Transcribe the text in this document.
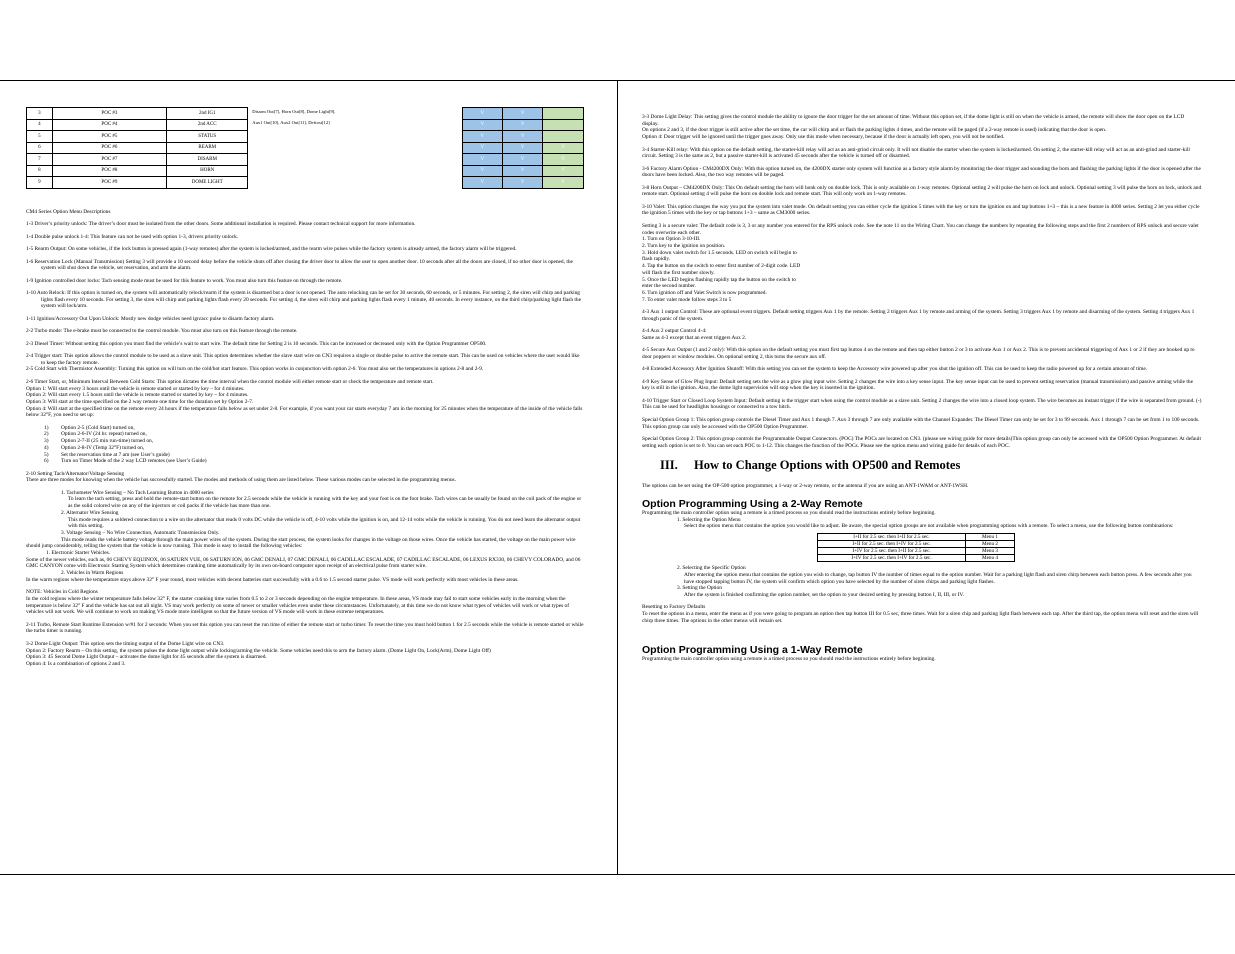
3	POC #3	2nd IG1	Disarm Out[7], Horn Out[8], Dome Light[9],	V	V	
4	POC #4	2nd ACC	Aux1 Out[10], Aux2 Out[11], Defrost[12]	V	V	
5	POC #5	STATUS		V	V	
6	POC #6	REARM		V	V	V
7	POC #7	DISARM		V	V	V
8	POC #8	HORN		V	V	V
9	POC #9	DOME LIGHT		V	V	V

CM4 Series Option Menu Descriptions

1-3 Driver’s priority unlock: The driver’s door must be isolated from the other doors. Some additional installation is required. Please contact technical support for more information.

1-4 Double pulse unlock 1-4: This feature can not be used with option 1-3, drivers priority unlock.

1-5 Rearm Output: On some vehicles, if the lock button is pressed again (1-way remotes) after the system is locked/armed, and the rearm wire pulses while the factory system is already armed, the factory alarm will be triggered.

1-6 Reservation Lock (Manual Transmission) Setting 3 will provide a 10 second delay before the vehicle shuts off after closing the driver door to allow the user to open another door. 10 seconds after all the doors are closed, if no other door is opened, the system will shut down the vehicle, set reservation, and arm the alarm.

1-9 Ignition controlled door locks: Tach sensing mode must be used for this feature to work. You must also turn this feature on through the remote.

1-10 Auto Relock: If this option is turned on, the system will automatically relock/rearm if the system is disarmed but a door is not opened. The auto relocking can be set for 30 seconds, 60 seconds, or 5 minutes. For setting 2, the siren will chirp and parking lights flash every 10 seconds. For setting 3, the siren will chirp and parking lights flash every 20 seconds. For setting 4, the siren will chirp and parking lights flash every 1 minute, 40 seconds. In every instance, on the third chirp/parking light flash the system will lock/arm.

1-11 Ignition/Accessory Out Upon Unlock: Mostly new dodge vehicles need ign/acc pulse to disarm factory alarm.

2-2 Turbo mode: The e-brake must be connected to the control module. You must also turn on this feature through the remote.

2-3 Diesel Timer: Without setting this option you must find the vehicle’s wait to start wire. The default time for Setting 2 is 10 seconds. This can be increased or decreased only with the Option Programmer OP500.

2-4 Trigger start: This option allows the control module to be used as a slave unit. This option determines whether the slave start wire on CN3 requires a single or double pulse to active the remote start. This can be used on vehicles where the user would like to keep the factory remote.

2-5 Cold Start with Thermistor Assembly: Turning this option on will turn on the cold/hot start feature. This option works in conjunction with option 2-6. You must also set the temperatures in options 2-8 and 2-9.

2-6 Timer Start, or, Minimum Interval Between Cold Starts: This option dictates the time interval when the control module will either remote start or check the temperature and remote start.

Option 1: Will start every 3 hours until the vehicle is remote started or started by key – for 4 minutes.

Option 2: Will start every 1.5 hours until the vehicle is remote started or started by key – for 4 minutes.

Option 3: Will start at the time specified on the 2 way remote one time for the duration set by Option 2-7.

Option 4: Will start at the specified time on the remote every 24 hours if the temperature falls below as set under 2-8. For example, if you want your car starts everyday 7 am in the morning for 25 minutes when the temperature of the inside of the vehicle falls below 32°F, you need to set up:

1)	Option 2-5 (Cold Start) turned on,
2)	Option 2-6-IV (24 hr. repeat) turned on,
3)	Option 2-7-II (25 min run-time) turned on,
4)	Option 2-8-IV (Temp 32°F) turned on,
5)	Set the reservation time at 7 am (see User’s guide)
6)	Turn on Timer Mode of the 2 way LCD remotes (see User’s Guide)

2-10 Setting Tach/Alternator/Voltage Sensing

There are three modes for knowing when the vehicle has successfully started. The modes and methods of using them are listed below. These various modes can be selected in the programming menus.

1. Tachometer Wire Sensing – No Tach Learning Button in 4000 series

To learn the tach setting, press and hold the remote-start button on the remote for 2.5 seconds while the vehicle is running with the key and your foot is on the foot brake. Tach wires can be usually be found on the coil pack of the engine or as the solid colored wire on any of the injectors or coil packs if the vehicle has more than one.

2. Alternator Wire Sensing

This mode requires a soldered connection to a wire on the alternator that reads 0 volts DC while the vehicle is off, 4-10 volts while the ignition is on, and 12-14 volts while the vehicle is running. You do not need learn the alternator output with this setting.

3. Voltage Sensing – No Wire Connection, Automatic Transmission Only.

This mode reads the vehicle battery voltage through the main power wires of the system. During the start process, the system looks for changes in the voltage on those wires. Once the vehicle has started, the voltage on the main power wire should jump considerably, telling the system that the vehicle is now running. This mode is easy to install the following vehicles:

1. Electronic Starter Vehicles.

Some of the newer vehicles, such as, 06 CHEVY EQUINOX, 06 SATURN VUE, 06 SATURN ION, 06 GMC DENALI, 07 GMC DENALI, 06 CADILLAC ESCALADE, 07 CADILLAC ESCALADE, 06 LEXUS RX330, 06 CHEVY COLORADO, and 06 GMC CANYON come with Electronic Starting System which determines cranking time automatically by its own on-board computer upon receipt of an electrical pulse from starter wire.

2. Vehicles in Warm Regions

In the warm regions where the temperature stays above 32° F year round, most vehicles with decent batteries start successfully with a 0.6 to 1.5 second starter pulse. VS mode will work perfectly with most vehicles in these areas.

NOTE: Vehicles in Cold Regions

In the cold regions where the winter temperature falls below 32° F, the starter cranking time varies from 0.5 to 2 or 3 seconds depending on the engine temperature. In these areas, VS mode may fail to start some vehicles early in the morning when the temperature is below 32° F and the vehicle has sat out all night. VS may work perfectly on some of newer or smaller vehicles even under these circumstances. Unfortunately, at this time we do not know what types of vehicles will work or what types of vehicles will not work. We will continue to work on making VS mode more intelligent so that the future version of VS mode will work in these extreme temperatures.

2-11 Turbo, Remote Start Runtime Extension w/#1 for 2 seconds: When you set this option you can reset the run time of either the remote start or turbo timer. To reset the time you must hold button 1 for 2.5 seconds while the vehicle is remote started or while the turbo timer is running.

3-2 Dome Light Output: This option sets the timing output of the Dome Light wire on CN3.

Option 2: Factory Rearm – On this setting, the system pulses the dome light output while locking/arming the vehicle. Some vehicles need this to arm the factory alarm. (Dome Light On, Lock(Arm), Dome Light Off)

Option 3: 45 Second Dome Light Output – activates the dome light for 45 seconds after the system is disarmed.

Option 4: Is a combination of options 2 and 3.

3-3 Dome Light Delay: This setting gives the control module the ability to ignore the door trigger for the set amount of time. Without this option set, if the dome light is still on when the vehicle is armed, the remote will show the door open on the LCD display.

On options 2 and 3, if the door trigger is still active after the set time, the car will chirp and or flash the parking lights 4 times, and the remote will be paged (if a 2-way remote is used) indicating that the door is open.

Option 4: Door trigger will be ignored until the trigger goes away. Only use this mode when necessary, because if the door is actually left open, you will not be notified.

3-4 Starter-Kill relay: With this option on the default setting, the starter-kill relay will act as an anti-grind circuit only. It will not disable the starter when the system is locked/armed. On setting 2, the starter-kill relay will act as an anti-grind and starter-kill circuit. Setting 3 is the same as 2, but a passive starter-kill is activated 45 seconds after the vehicle is turned off or disarmed.

3-6 Factory Alarm Option - CM4200DX Only: With this option turned on, the 4200DX starter only system will function as a factory style alarm by monitoring the door trigger and sounding the horn and flashing the parking lights if the door is opened after the doors have been locked. Also, the two way remotes will be paged.

3-8 Horn Output – CM4200DX Only: This On default setting the horn will honk only on double lock. This is only available on 1-way remotes. Optional setting 2 will pulse the horn on lock and unlock. Optional setting 3 will pulse the horn on lock, unlock and remote start. Optional setting 4 will pulse the horn on double lock and remote start. This will only work on 1-way remotes.

3-10 Valet: This option changes the way you put the system into valet mode. On default setting you can either cycle the ignition 5 times with the key or turn the ignition on and tap buttons 1+3 – this is a new feature in 4000 series. Setting 2 let you either cycle the ignition 5 times with the key or tap buttons 1+3 – same as CM3000 series.

Setting 3 is a secure valet: The default code is 3, 3 or any number you entered for the RPS unlock code. See the note 11 on the Wiring Chart. You can change the numbers by repeating the following steps and the first 2 numbers of RPS unlock and secure valet codes overwrite each other.

1. Turn on Option 3-10-III.

2. Turn key to the ignition on position.

3. Hold down valet switch for 1.5 seconds. LED on switch will begin to

flash rapidly.

4. Tap the button on the switch to enter first number of 2-digit code. LED

will flash the first number slowly.

5. Once the LED begins flashing rapidly tap the button on the switch to

enter the second number.

6. Turn ignition off and Valet Switch is now programmed.

7. To enter valet mode follow steps 3 to 5

4-3 Aux 1 output Control: These are optional event triggers. Default setting triggers Aux 1 by the remote. Setting 2 triggers Aux 1 by remote and arming of the system. Setting 3 triggers Aux 1 by remote and disarming of the system. Setting 4 triggers Aux 1 through panic of the system.

4-4 Aux 2 output Control 4-4:

Same as 4-3 except that an event triggers Aux 2.

4-5 Secure Aux Output (1 and 2 only): With this option on the default setting you must first tap button 4 on the remote and then tap either button 2 or 3 to activate Aux 1 or Aux 2. This is to prevent accidental triggering of Aux 1 or 2 if they are hooked up to door poppers or window modules. On optional setting 2, this turns the secure aux off.

4-8 Extended Accessory After Ignition Shutoff: With this setting you can set the system to keep the Accessory wire powered up after you shut the ignition off. This can be used to keep the radio powered up for a certain amount of time.

4-9 Key Sense of Glow Plug Input: Default setting sets the wire as a glow plug input wire. Setting 2 changes the wire into a key sense input. The key sense input can be used to prevent setting reservation (manual transmission) and passive arming while the key is still in the ignition. Also, the dome light supervision will stop when the key is inserted in the ignition.

4-10 Trigger Start or Closed Loop System Input: Default setting is the trigger start when using the control module as a slave unit. Setting 2 changes the wire into a closed loop system. The wire becomes an instant trigger if the wire is separated from ground. (-) This can be used for headlights housings or connected to a tow hitch.

Special Option Group 1: This option group controls the Diesel Timer and Aux 1 though 7. Aux 3 through 7 are only available with the Channel Expander. The Diesel Timer can only be set for 3 to 99 seconds. Aux 1 through 7 can be set from 1 to 100 seconds. This option group can only be accessed with the OP500 Option Programmer.

Special Option Group 2: This option group controls the Programmable Output Connectors. (POC) The POCs are located on CN3. (please see wiring guide for more details)This option group can only be accessed with the OP500 Option Programmer. At default setting each option is set to 0. You can set each POC to 1-12. This changes the function of the POCs. Please see the option menu and wiring guide for details of each POC.

III. How to Change Options with OP500 and Remotes

The options can be set using the OP-500 option programmer, a 1-way or 2-way remote, or the antenna if you are using an ANT-1WAM or ANT-1WSH.

Option Programming Using a 2-Way Remote

Programming the main controller option using a remote is a timed process so you should read the instructions entirely before beginning.

1. Selecting the Option Menu

Select the option menu that contains the option you would like to adjust. Be aware, the special option groups are not available when programming options with a remote. To select a menu, use the following button combinations:

I+II for 2.5 sec. then I+II for 2.5 sec.	Menu 1
I+II for 2.5 sec. then I+IV for 2.5 sec.	Menu 2
I+IV for 2.5 sec. then I+II for 2.5 sec.	Menu 3
I+IV for 2.5 sec. then I+IV for 2.5 sec.	Menu 4

2. Selecting the Specific Option

After entering the option menu that contains the option you wish to change, tap button IV the number of times equal to the option number. Wait for a parking light flash and siren chirp between each button press. A few seconds after you have stopped tapping button IV, the system will confirm which option you have selected by the number of siren chirps and parking light flashes.

3. Setting the Option

After the system is finished confirming the option number, set the option to your desired setting by pressing button I, II, III, or IV.

Resetting to Factory Defaults

To reset the options in a menu, enter the menu as if you were going to program an option then tap button III for 0.5 sec, three times. Wait for a siren chip and parking light flash between each tap. After the third tap, the option menu will reset and the siren will chirp three times. The options in the other menus will remain set.

Option Programming Using a 1-Way Remote

Programming the main controller option using a remote is a timed process so you should read the instructions entirely before beginning.
